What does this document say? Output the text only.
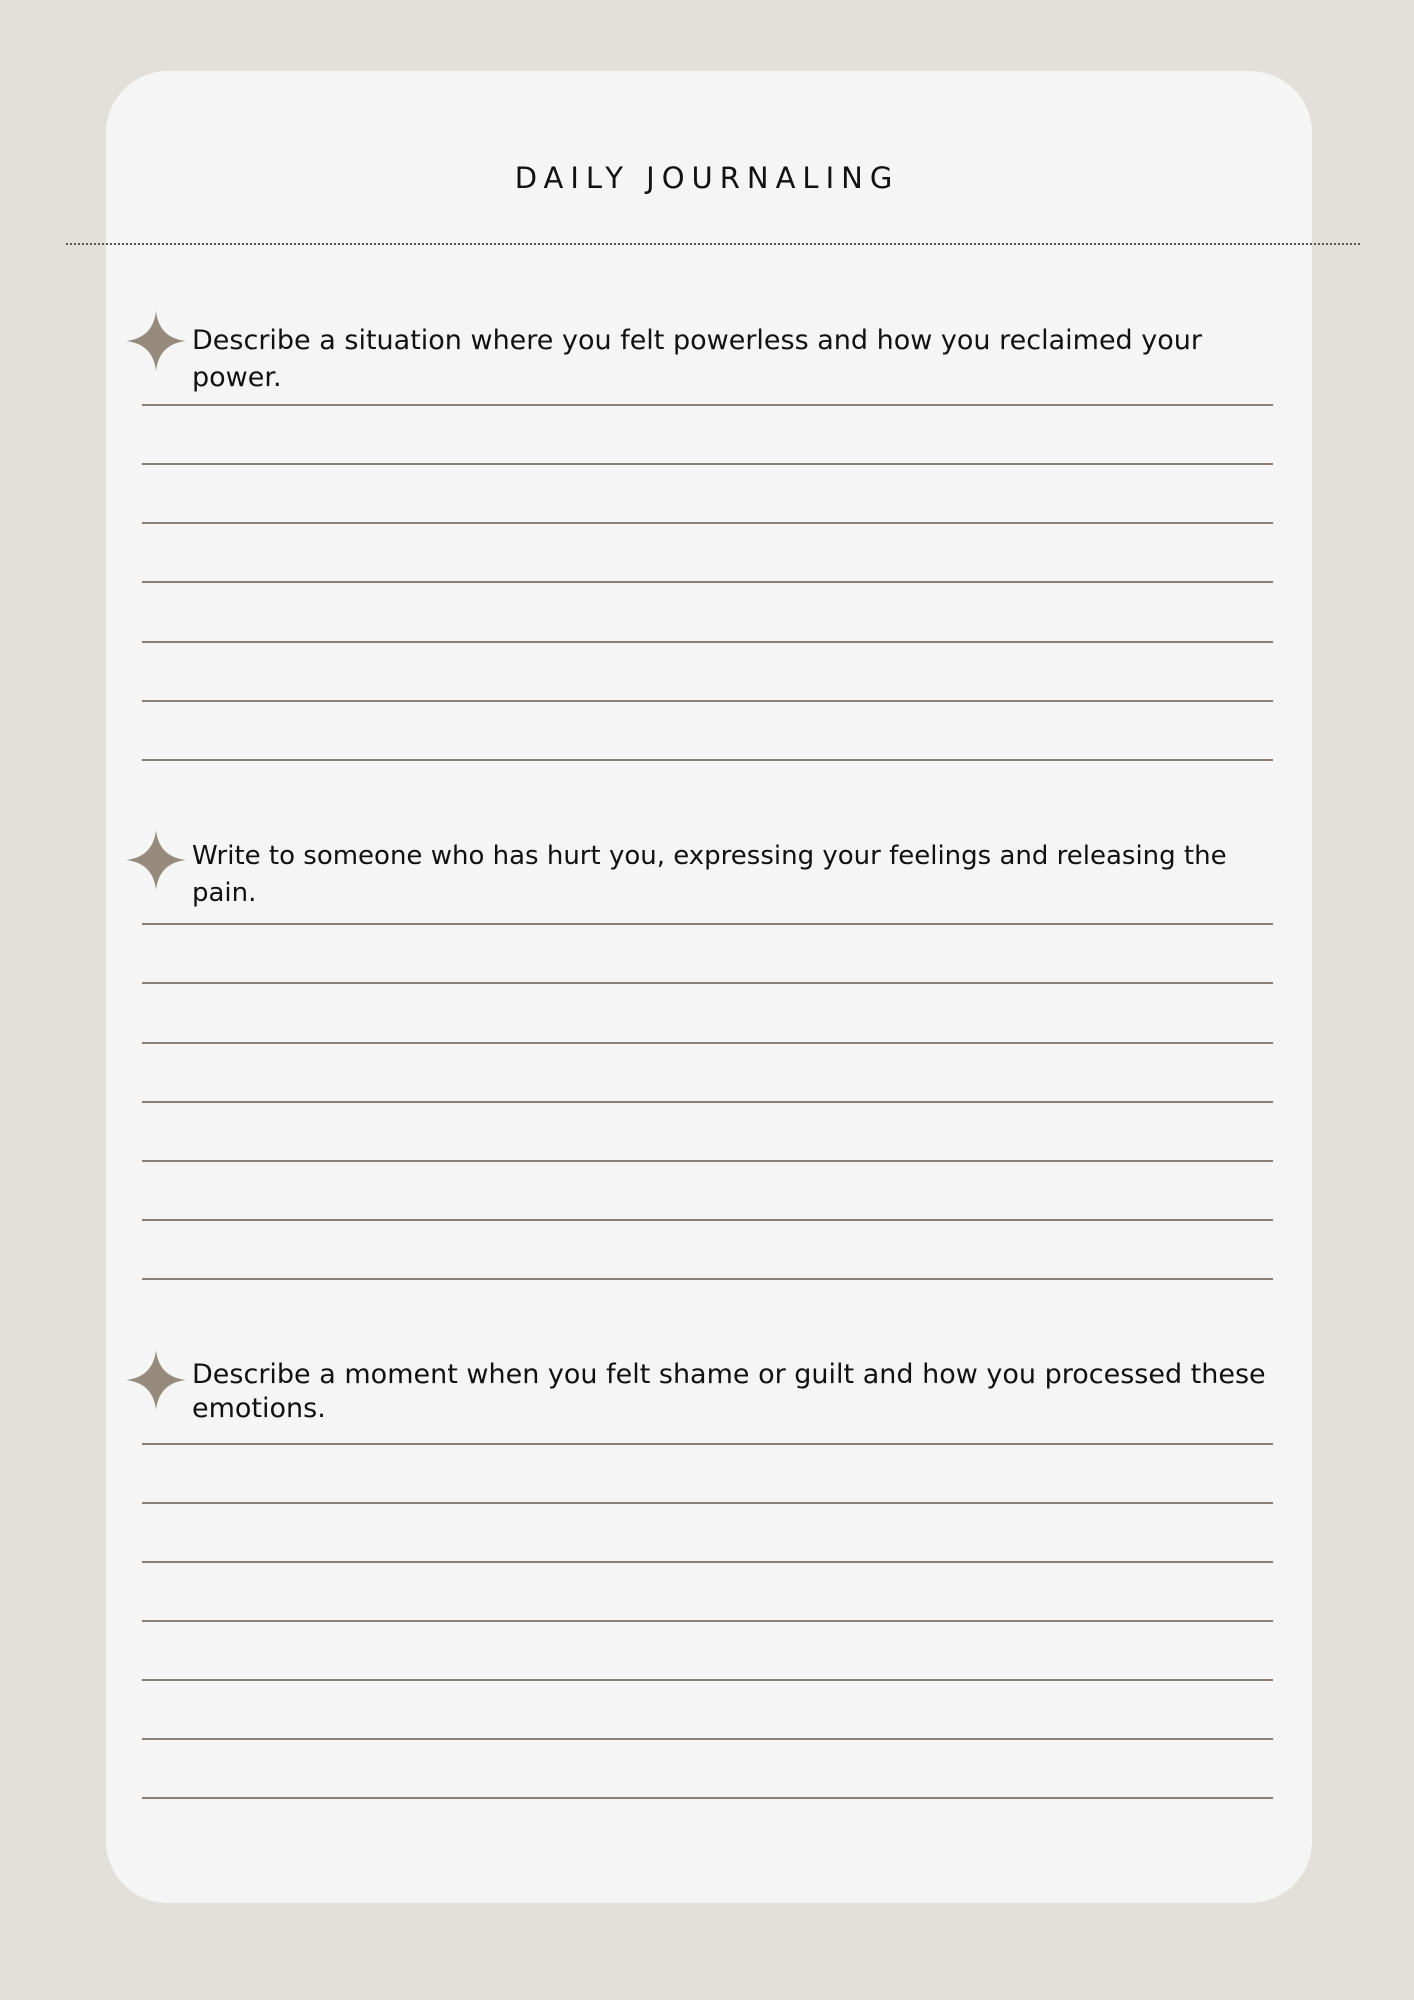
DAILY JOURNALING
Describe a situation where you felt powerless and how you reclaimed your power.
Write to someone who has hurt you, expressing your feelings and releasing the pain.
Describe a moment when you felt shame or guilt and how you processed these emotions.
